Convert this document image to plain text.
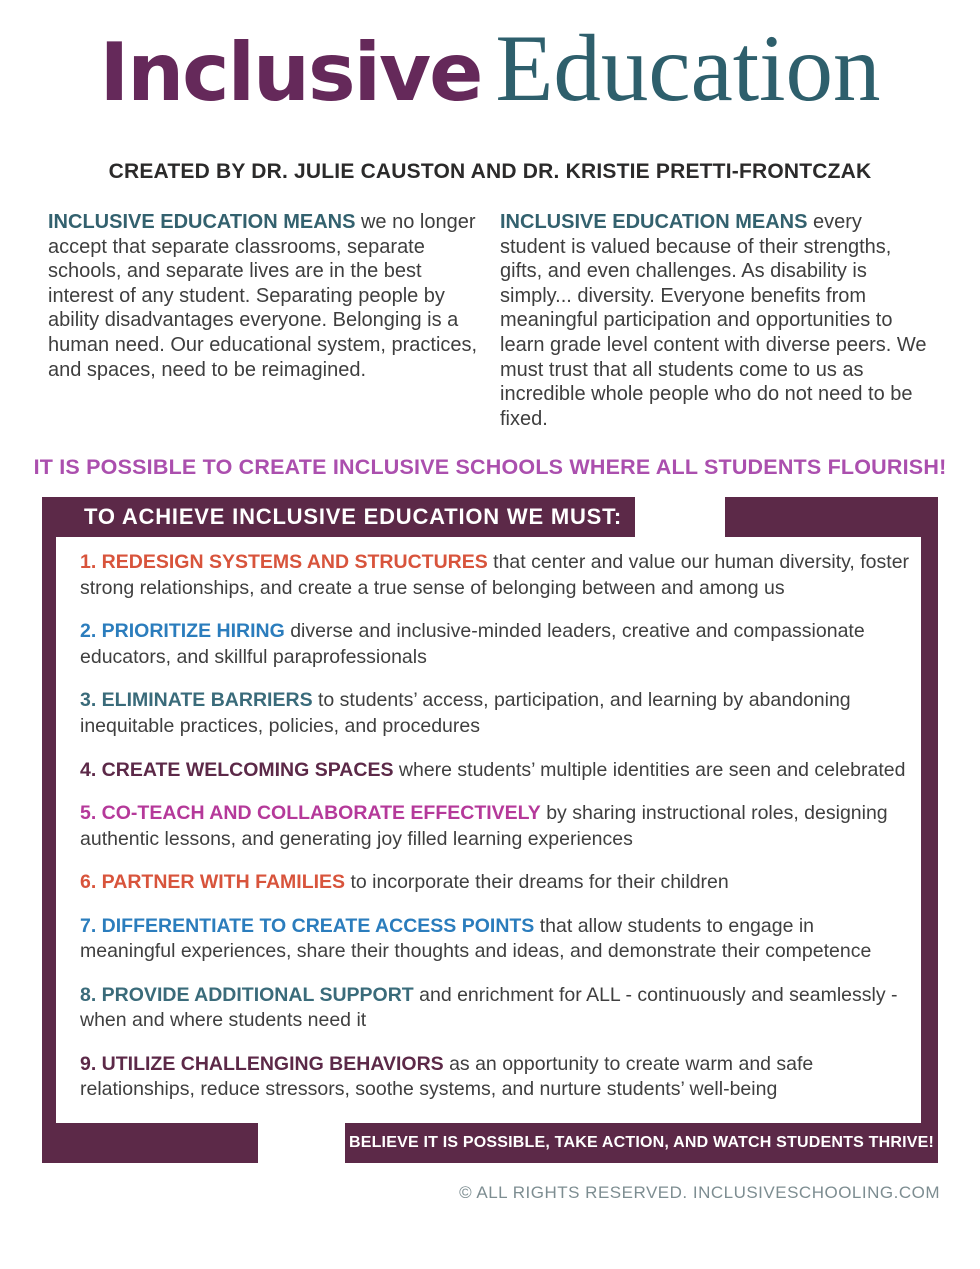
Inclusive Education
CREATED BY DR. JULIE CAUSTON AND DR. KRISTIE PRETTI-FRONTCZAK
INCLUSIVE EDUCATION MEANS we no longer accept that separate classrooms, separate schools, and separate lives are in the best interest of any student. Separating people by ability disadvantages everyone. Belonging is a human need. Our educational system, practices, and spaces, need to be reimagined.
INCLUSIVE EDUCATION MEANS every student is valued because of their strengths, gifts, and even challenges. As disability is simply... diversity. Everyone benefits from meaningful participation and opportunities to learn grade level content with diverse peers. We must trust that all students come to us as incredible whole people who do not need to be fixed.
IT IS POSSIBLE TO CREATE INCLUSIVE SCHOOLS WHERE ALL STUDENTS FLOURISH!
TO ACHIEVE INCLUSIVE EDUCATION WE MUST:
1. REDESIGN SYSTEMS AND STRUCTURES that center and value our human diversity, foster strong relationships, and create a true sense of belonging between and among us
2. PRIORITIZE HIRING diverse and inclusive-minded leaders, creative and compassionate educators, and skillful paraprofessionals
3. ELIMINATE BARRIERS to students’ access, participation, and learning by abandoning inequitable practices, policies, and procedures
4. CREATE WELCOMING SPACES where students’ multiple identities are seen and celebrated
5. CO-TEACH AND COLLABORATE EFFECTIVELY by sharing instructional roles, designing authentic lessons, and generating joy filled learning experiences
6. PARTNER WITH FAMILIES to incorporate their dreams for their children
7. DIFFERENTIATE TO CREATE ACCESS POINTS that allow students to engage in meaningful experiences, share their thoughts and ideas, and demonstrate their competence
8. PROVIDE ADDITIONAL SUPPORT and enrichment for ALL - continuously and seamlessly - when and where students need it
9. UTILIZE CHALLENGING BEHAVIORS as an opportunity to create warm and safe relationships, reduce stressors, soothe systems, and nurture students’ well-being
BELIEVE IT IS POSSIBLE, TAKE ACTION, AND WATCH STUDENTS THRIVE!
© ALL RIGHTS RESERVED. INCLUSIVESCHOOLING.COM
